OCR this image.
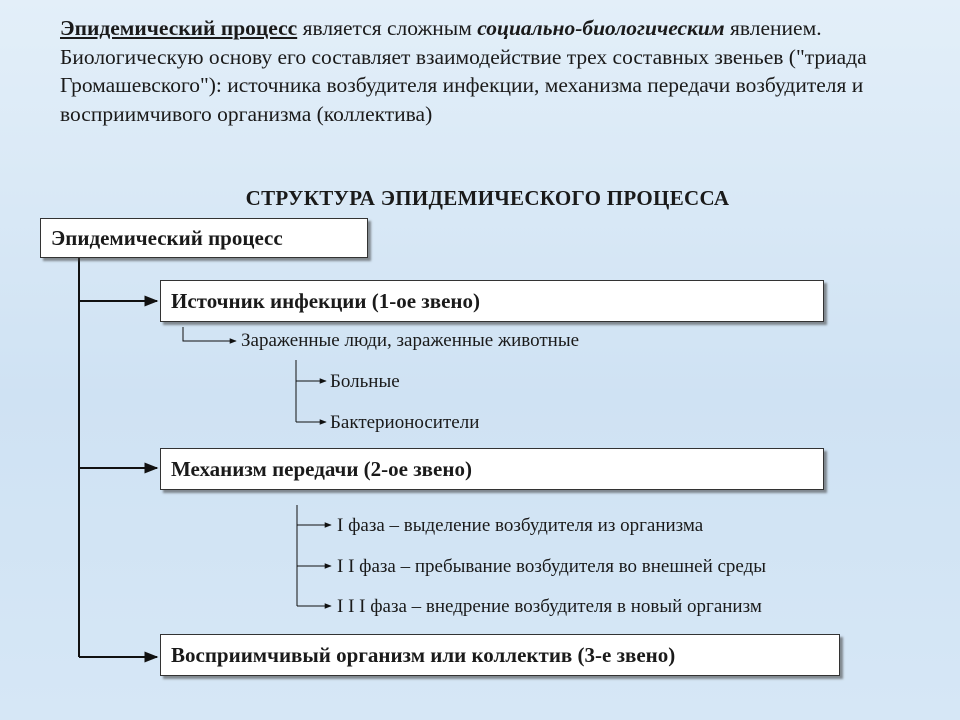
Эпидемический процесс является сложным социально-биологическим явлением. Биологическую основу его составляет взаимодействие трех составных звеньев ("триада Громашевского"): источника возбудителя инфекции, механизма передачи возбудителя и восприимчивого организма (коллектива)
СТРУКТУРА ЭПИДЕМИЧЕСКОГО ПРОЦЕССА
Эпидемический процесс
Источник инфекции (1-ое звено)
Зараженные люди, зараженные животные
Больные
Бактерионосители
Механизм передачи (2-ое звено)
I фаза – выделение возбудителя из организма
I I фаза – пребывание возбудителя во внешней среды
I I I фаза – внедрение возбудителя в новый организм
Восприимчивый организм или коллектив (3-е звено)
